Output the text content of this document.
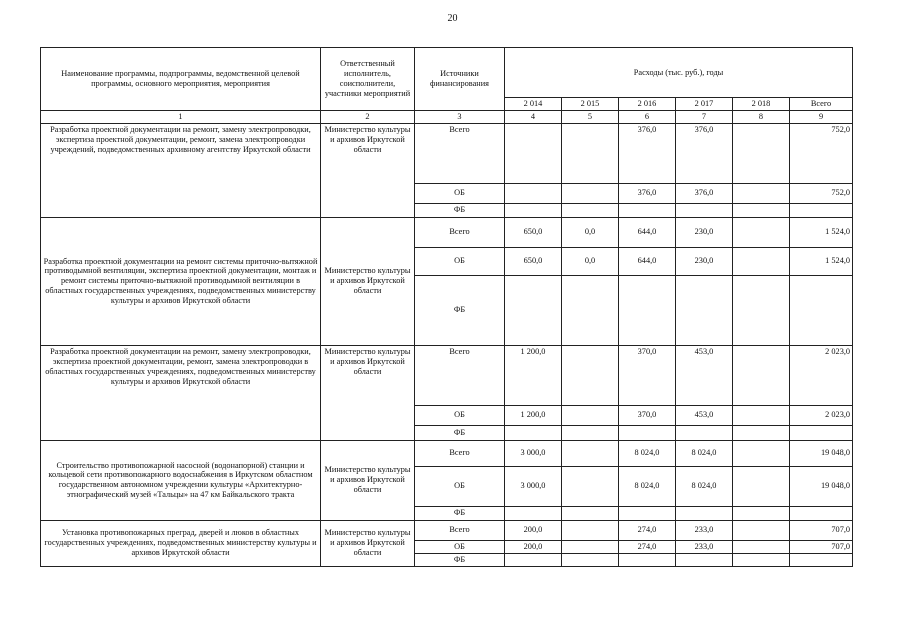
20
Наименование программы, подпрограммы, ведомственной целевой программы, основного мероприятия, мероприятия	Ответственный исполнитель, соисполнители, участники мероприятий	Источники финансирования	Расходы (тыс. руб.), годы					
			2 014	2 015	2 016	2 017	2 018	Всего
1	2	3	4	5	6	7	8	9
Разработка проектной документации на ремонт, замену электропроводки, экспертиза проектной документации, ремонт, замена электропроводки учреждений, подведомственных архивному агентству Иркутской области	Министерство культуры и архивов Иркутской области	Всего			376,0	376,0		752,0
		ОБ			376,0	376,0		752,0
		ФБ						
Разработка проектной документации на ремонт системы приточно-вытяжной противодымной вентиляции, экспертиза проектной документации, монтаж и ремонт системы приточно-вытяжной противодымной вентиляции в областных государственных учреждениях, подведомственных министерству культуры и архивов Иркутской области	Министерство культуры и архивов Иркутской области	Всего	650,0	0,0	644,0	230,0		1 524,0
		ОБ	650,0	0,0	644,0	230,0		1 524,0
		ФБ						
Разработка проектной документации на ремонт, замену электропроводки, экспертиза проектной документации, ремонт, замена электропроводки в областных государственных учреждениях, подведомственных министерству культуры и архивов Иркутской области	Министерство культуры и архивов Иркутской области	Всего	1 200,0		370,0	453,0		2 023,0
		ОБ	1 200,0		370,0	453,0		2 023,0
		ФБ						
Строительство противопожарной насосной (водонапорной) станции и кольцевой сети противопожарного водоснабжения в Иркутском областном государственном автономном учреждении культуры «Архитектурно-этнографический музей «Тальцы» на 47 км Байкальского тракта	Министерство культуры и архивов Иркутской области	Всего	3 000,0		8 024,0	8 024,0		19 048,0
		ОБ	3 000,0		8 024,0	8 024,0		19 048,0
		ФБ						
Установка противопожарных преград, дверей и люков в областных государственных учреждениях, подведомственных министерству культуры и архивов Иркутской области	Министерство культуры и архивов Иркутской области	Всего	200,0		274,0	233,0		707,0
		ОБ	200,0		274,0	233,0		707,0
		ФБ						
